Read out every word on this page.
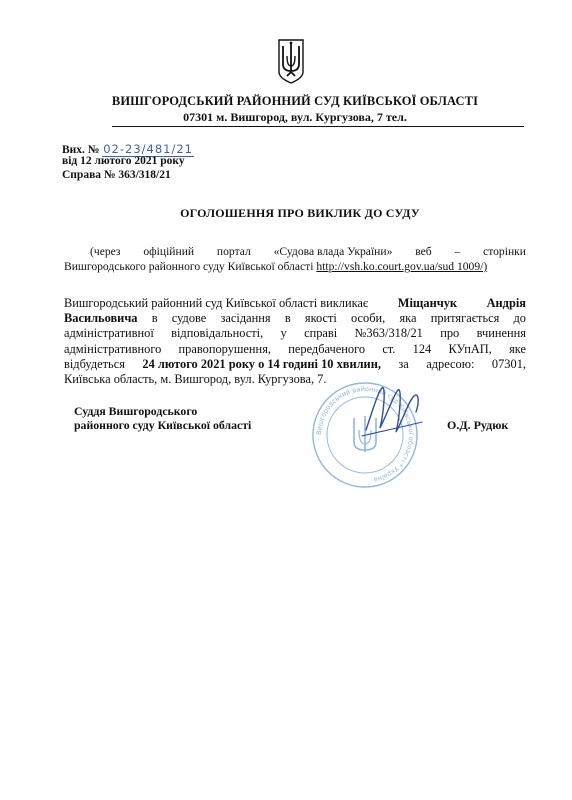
ВИШГОРОДСЬКИЙ РАЙОННИЙ СУД КИЇВСЬКОЇ ОБЛАСТІ
07301 м. Вишгород, вул. Кургузова, 7 тел.
Вих. № 02-23/481/21
від 12 лютого 2021 року
Справа № 363/318/21
ОГОЛОШЕННЯ ПРО ВИКЛИК ДО СУДУ
(через офіційний портал «Судова влада України» веб – сторінки
Вишгородського районного суду Київської області http://vsh.ko.court.gov.ua/sud 1009/)
Вишгородський районний суд Київської області викликає Міщанчук Андрія
Васильовича в судове засідання в якості особи, яка притягається до
адміністративної відповідальності, у справі №363/318/21 про вчинення
адміністративного правопорушення, передбаченого ст. 124 КУпАП, яке
відбудеться 24 лютого 2021 року о 14 годині 10 хвилин, за адресою: 07301,
Київська область, м. Вишгород, вул. Кургузова, 7.
Вишгородський районний суд Київської області * Україна
Суддя Вишгородського
районного суду Київської області	О.Д. Рудюк
